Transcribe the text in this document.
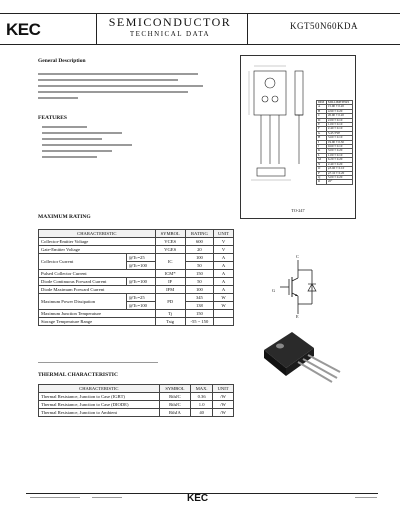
KEC	SEMICONDUCTOR
TECHNICAL DATA
KGT50N60KDA
General Description
FEATURES
DIM	MILLIMETERS
A	15.90 ± 0.20
B	4.90 ± 0.20
C	20.90 ± 0.20
D	2.00 ± 0.10
E	1.00 ± 0.10
F	2.40 ± 0.10
G	5.45 TYP
H	3.60 ± 0.10
I	19.90 ± 0.30
J	0.60 ± 0.10
K	3.00 ± 0.20
L	1.00 ± 0.10
M	6.20 ± 0.20
N	2.40 ± 0.20
O	φ3.60 ± 0.10
P	φ7.10 ± 0.20
Q	5.00 ± 0.20
R	20°
TO-247
MAXIMUM RATING
CHARACTERISTIC		SYMBOL	RATING	UNIT
Collector-Emitter Voltage		VCES	600	V
Gate-Emitter Voltage		VGES	20	V
Collector Current	@Tc=25	IC	100	A
	@Tc=100		50	A
Pulsed Collector Current		ICM*	150	A
Diode Continuous Forward Current	@Tc=100	IF	50	A
Diode Maximum Forward Current		IFM	100	A
Maximum Power Dissipation	@Tc=25	PD	345	W
	@Tc=100		138	W
Maximum Junction Temperature		Tj	150	
Storage Temperature Range		Tstg	-55 ~ 150	
C
G
E
THERMAL CHARACTERISTIC
CHARACTERISTIC	SYMBOL	MAX.	UNIT
Thermal Resistance, Junction to Case (IGBT)	RthJC	0.36	/W
Thermal Resistance, Junction to Case (DIODE)	RthJC	1.0	/W
Thermal Resistance, Junction to Ambient	RthJA	40	/W
KEC
